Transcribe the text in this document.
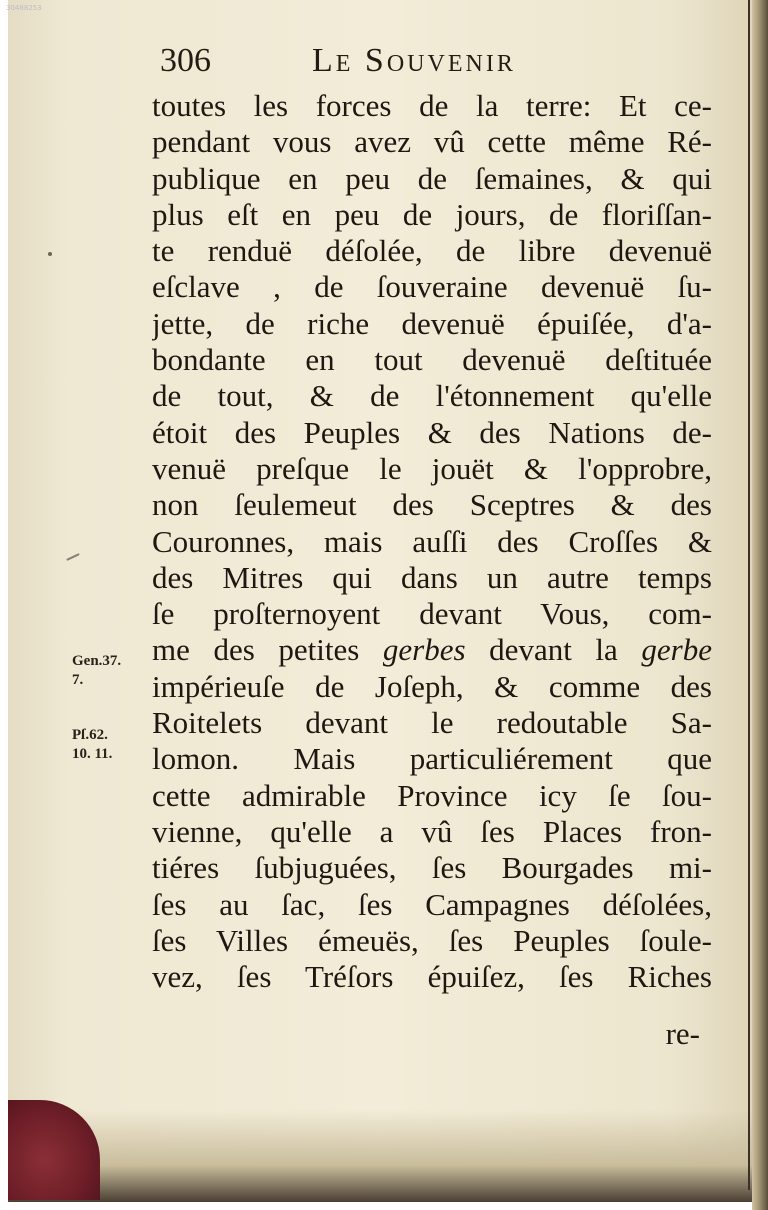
30488253
306	Le Souvenir
toutes les forces de la terre: Et ce-
pendant vous avez vû cette même Ré-
publique en peu de ſemaines, & qui
plus eſt en peu de jours, de floriſſan-
te renduë déſolée, de libre devenuë
eſclave , de ſouveraine devenuë ſu-
jette, de riche devenuë épuiſée, d'a-
bondante en tout devenuë deſtituée
de tout, & de l'étonnement qu'elle
étoit des Peuples & des Nations de-
venuë preſque le jouët & l'opprobre,
non ſeulemeut des Sceptres & des
Couronnes, mais auſſi des Croſſes &
des Mitres qui dans un autre temps
ſe proſternoyent devant Vous, com-
me des petites gerbes devant la gerbe
impérieuſe de Joſeph, & comme des
Roitelets devant le redoutable Sa-
lomon. Mais particuliérement que
cette admirable Province icy ſe ſou-
vienne, qu'elle a vû ſes Places fron-
tiéres ſubjuguées, ſes Bourgades mi-
ſes au ſac, ſes Campagnes déſolées,
ſes Villes émeuës, ſes Peuples ſoule-
vez, ſes Tréſors épuiſez, ſes Riches
Gen.37.
7.
Pſ.62.
10. 11.
re-
